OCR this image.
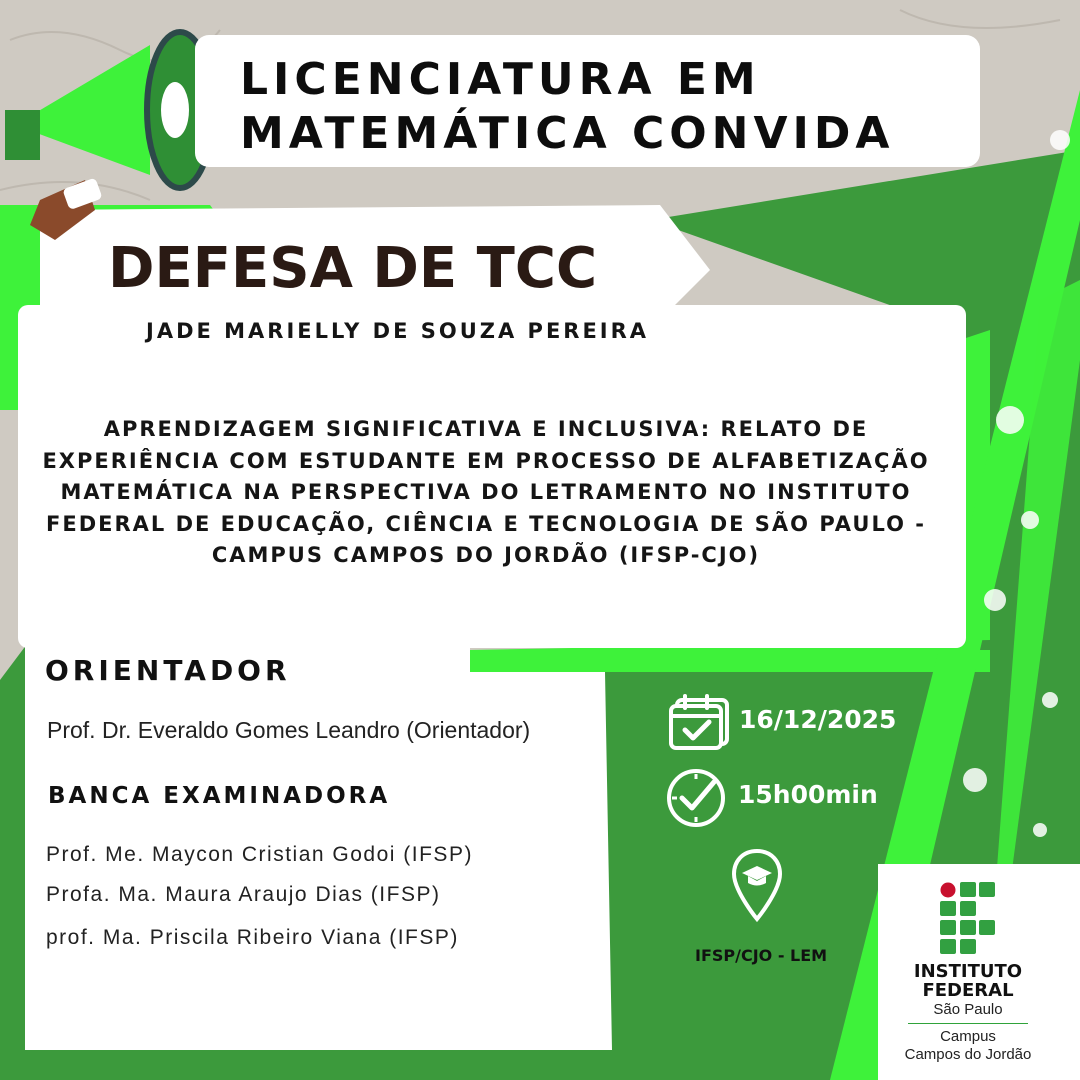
LICENCIATURA EM
MATEMÁTICA CONVIDA
DEFESA DE TCC
JADE MARIELLY DE SOUZA PEREIRA
APRENDIZAGEM SIGNIFICATIVA E INCLUSIVA: RELATO DE EXPERIÊNCIA COM ESTUDANTE EM PROCESSO DE ALFABETIZAÇÃO MATEMÁTICA NA PERSPECTIVA DO LETRAMENTO NO INSTITUTO FEDERAL DE EDUCAÇÃO, CIÊNCIA E TECNOLOGIA DE SÃO PAULO - CAMPUS CAMPOS DO JORDÃO (IFSP-CJO)
ORIENTADOR
Prof. Dr. Everaldo Gomes Leandro (Orientador)
BANCA EXAMINADORA
Prof. Me. Maycon Cristian Godoi (IFSP)
Profa. Ma. Maura Araujo Dias (IFSP)
prof. Ma. Priscila Ribeiro Viana (IFSP)
16/12/2025
15h00min
IFSP/CJO - LEM
INSTITUTO
FEDERAL
São Paulo
Campus
Campos do Jordão
